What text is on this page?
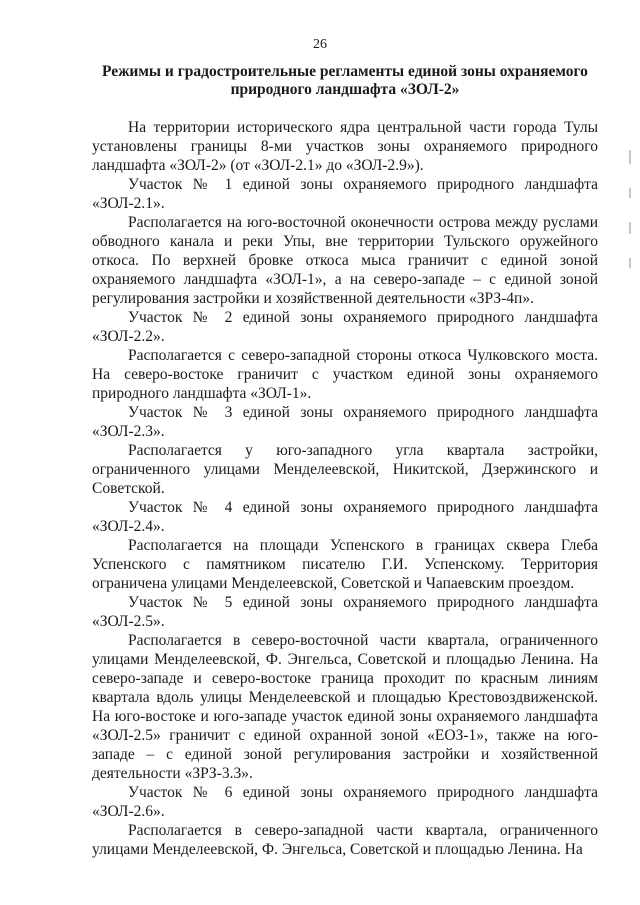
26
Режимы и градостроительные регламенты единой зоны охраняемого природного ландшафта «ЗОЛ-2»

На территории исторического ядра центральной части города Тулы установлены границы 8-ми участков зоны охраняемого природного ландшафта «ЗОЛ-2» (от «ЗОЛ-2.1» до «ЗОЛ-2.9»).

Участок № 1 единой зоны охраняемого природного ландшафта «ЗОЛ-2.1».

Располагается на юго-восточной оконечности острова между руслами обводного канала и реки Упы, вне территории Тульского оружейного откоса. По верхней бровке откоса мыса граничит с единой зоной охраняемого ландшафта «ЗОЛ-1», а на северо-западе – с единой зоной регулирования застройки и хозяйственной деятельности «ЗРЗ-4п».

Участок № 2 единой зоны охраняемого природного ландшафта «ЗОЛ-2.2».

Располагается с северо-западной стороны откоса Чулковского моста. На северо-востоке граничит с участком единой зоны охраняемого природного ландшафта «ЗОЛ-1».

Участок № 3 единой зоны охраняемого природного ландшафта «ЗОЛ-2.3».

Располагается у юго-западного угла квартала застройки, ограниченного улицами Менделеевской, Никитской, Дзержинского и Советской.

Участок № 4 единой зоны охраняемого природного ландшафта «ЗОЛ-2.4».

Располагается на площади Успенского в границах сквера Глеба Успенского с памятником писателю Г.И. Успенскому. Территория ограничена улицами Менделеевской, Советской и Чапаевским проездом.

Участок № 5 единой зоны охраняемого природного ландшафта «ЗОЛ-2.5».

Располагается в северо-восточной части квартала, ограниченного улицами Менделеевской, Ф. Энгельса, Советской и площадью Ленина. На северо-западе и северо-востоке граница проходит по красным линиям квартала вдоль улицы Менделеевской и площадью Крестовоздвиженской. На юго-востоке и юго-западе участок единой зоны охраняемого ландшафта «ЗОЛ-2.5» граничит с единой охранной зоной «ЕОЗ-1», также на юго-западе – с единой зоной регулирования застройки и хозяйственной деятельности «ЗРЗ-3.3».

Участок № 6 единой зоны охраняемого природного ландшафта «ЗОЛ-2.6».

Располагается в северо-западной части квартала, ограниченного улицами Менделеевской, Ф. Энгельса, Советской и площадью Ленина. На
